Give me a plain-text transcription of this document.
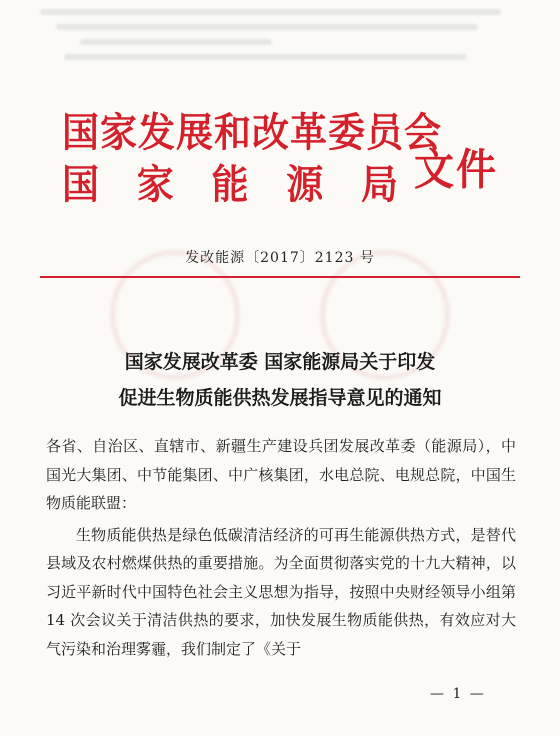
国家发展和改革委员会
国 家 能 源 局 文件
发改能源〔2017〕2123 号
国家发展改革委 国家能源局关于印发
促进生物质能供热发展指导意见的通知

各省、自治区、直辖市、新疆生产建设兵团发展改革委（能源局），中国光大集团、中节能集团、中广核集团，水电总院、电规总院，中国生物质能联盟：

生物质能供热是绿色低碳清洁经济的可再生能源供热方式，是替代县域及农村燃煤供热的重要措施。为全面贯彻落实党的十九大精神，以习近平新时代中国特色社会主义思想为指导，按照中央财经领导小组第 14 次会议关于清洁供热的要求，加快发展生物质能供热，有效应对大气污染和治理雾霾，我们制定了《关于

— 1 —
